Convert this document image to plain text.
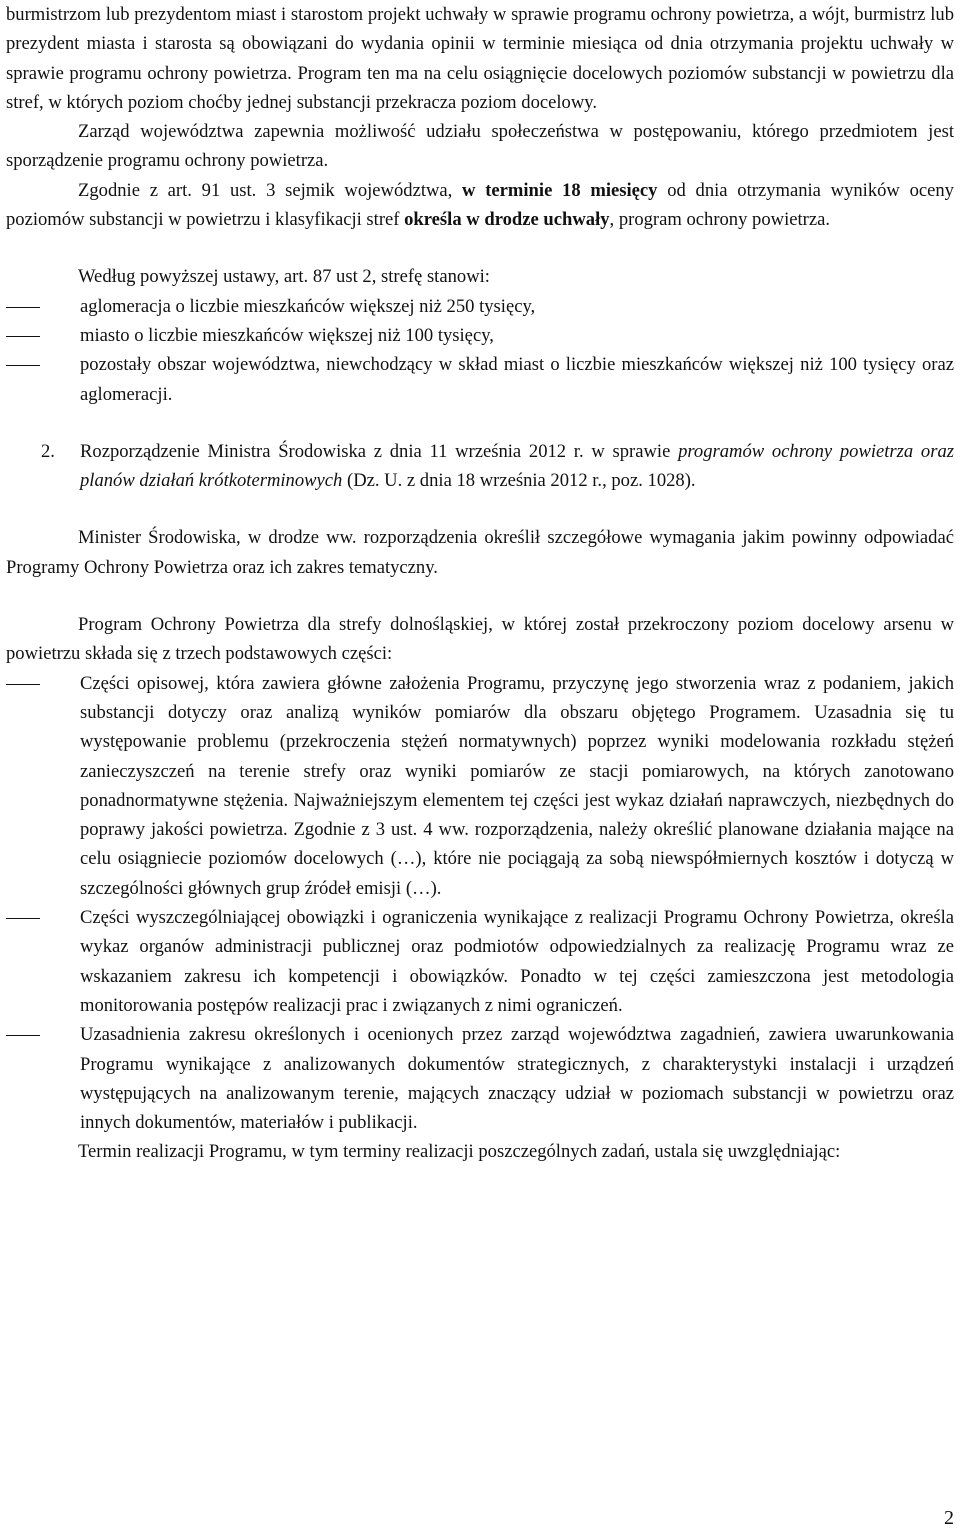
burmistrzom lub prezydentom miast i starostom projekt uchwały w sprawie programu ochrony powietrza, a wójt, burmistrz lub prezydent miasta i starosta są obowiązani do wydania opinii w terminie miesiąca od dnia otrzymania projektu uchwały w sprawie programu ochrony powietrza. Program ten ma na celu osiągnięcie docelowych poziomów substancji w powietrzu dla stref, w których poziom choćby jednej substancji przekracza poziom docelowy.

Zarząd województwa zapewnia możliwość udziału społeczeństwa w postępowaniu, którego przedmiotem jest sporządzenie programu ochrony powietrza.

Zgodnie z art. 91 ust. 3 sejmik województwa, w terminie 18 miesięcy od dnia otrzymania wyników oceny poziomów substancji w powietrzu i klasyfikacji stref określa w drodze uchwały, program ochrony powietrza.

Według powyższej ustawy, art. 87 ust 2, strefę stanowi:

aglomeracja o liczbie mieszkańców większej niż 250 tysięcy,
miasto o liczbie mieszkańców większej niż 100 tysięcy,
pozostały obszar województwa, niewchodzący w skład miast o liczbie mieszkańców większej niż 100 tysięcy oraz aglomeracji.
2. Rozporządzenie Ministra Środowiska z dnia 11 września 2012 r. w sprawie programów ochrony powietrza oraz planów działań krótkoterminowych (Dz. U. z dnia 18 września 2012 r., poz. 1028).

Minister Środowiska, w drodze ww. rozporządzenia określił szczegółowe wymagania jakim powinny odpowiadać Programy Ochrony Powietrza oraz ich zakres tematyczny.

Program Ochrony Powietrza dla strefy dolnośląskiej, w której został przekroczony poziom docelowy arsenu w powietrzu składa się z trzech podstawowych części:

Części opisowej, która zawiera główne założenia Programu, przyczynę jego stworzenia wraz z podaniem, jakich substancji dotyczy oraz analizą wyników pomiarów dla obszaru objętego Programem. Uzasadnia się tu występowanie problemu (przekroczenia stężeń normatywnych) poprzez wyniki modelowania rozkładu stężeń zanieczyszczeń na terenie strefy oraz wyniki pomiarów ze stacji pomiarowych, na których zanotowano ponadnormatywne stężenia. Najważniejszym elementem tej części jest wykaz działań naprawczych, niezbędnych do poprawy jakości powietrza. Zgodnie z 3 ust. 4 ww. rozporządzenia, należy określić planowane działania mające na celu osiągniecie poziomów docelowych (…), które nie pociągają za sobą niewspółmiernych kosztów i dotyczą w szczególności głównych grup źródeł emisji (…).
Części wyszczególniającej obowiązki i ograniczenia wynikające z realizacji Programu Ochrony Powietrza, określa wykaz organów administracji publicznej oraz podmiotów odpowiedzialnych za realizację Programu wraz ze wskazaniem zakresu ich kompetencji i obowiązków. Ponadto w tej części zamieszczona jest metodologia monitorowania postępów realizacji prac i związanych z nimi ograniczeń.
Uzasadnienia zakresu określonych i ocenionych przez zarząd województwa zagadnień, zawiera uwarunkowania Programu wynikające z analizowanych dokumentów strategicznych, z charakterystyki instalacji i urządzeń występujących na analizowanym terenie, mających znaczący udział w poziomach substancji w powietrzu oraz innych dokumentów, materiałów i publikacji.

Termin realizacji Programu, w tym terminy realizacji poszczególnych zadań, ustala się uwzględniając:

2
